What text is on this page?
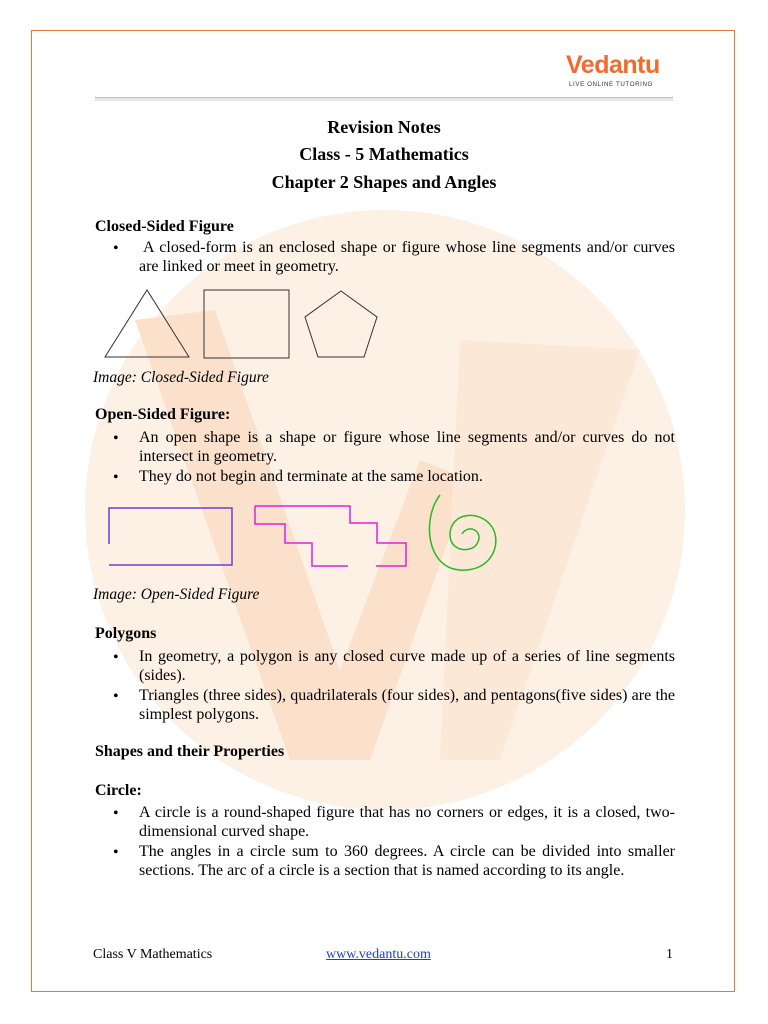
Vedantu
LIVE ONLINE TUTORING
Revision Notes
Class - 5 Mathematics
Chapter 2 Shapes and Angles
Closed-Sided Figure
• A closed-form is an enclosed shape or figure whose line segments and/or curves are linked or meet in geometry.
Image: Closed-Sided Figure
Open-Sided Figure:
• An open shape is a shape or figure whose line segments and/or curves do not intersect in geometry.
• They do not begin and terminate at the same location.
Image: Open-Sided Figure
Polygons
• In geometry, a polygon is any closed curve made up of a series of line segments (sides).
• Triangles (three sides), quadrilaterals (four sides), and pentagons(five sides) are the simplest polygons.
Shapes and their Properties
Circle:
• A circle is a round-shaped figure that has no corners or edges, it is a closed, two-dimensional curved shape.
• The angles in a circle sum to 360 degrees. A circle can be divided into smaller sections. The arc of a circle is a section that is named according to its angle.
Class V Mathematics	www.vedantu.com	1
